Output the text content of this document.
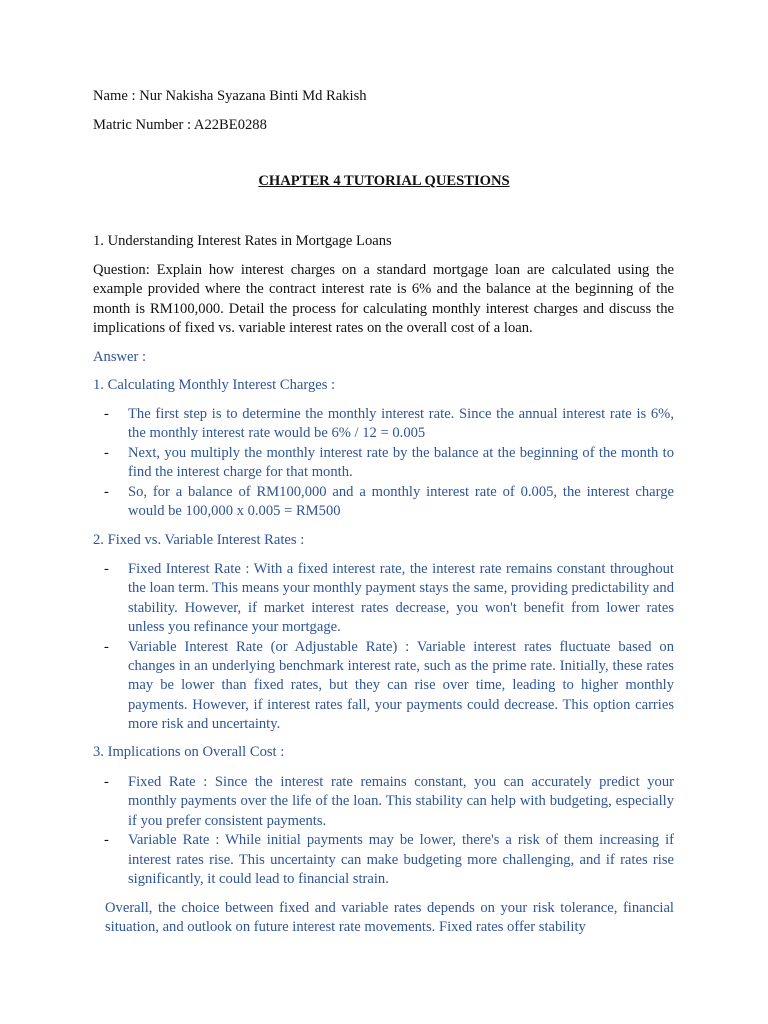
Name : Nur Nakisha Syazana Binti Md Rakish
Matric Number : A22BE0288
CHAPTER 4 TUTORIAL QUESTIONS
1. Understanding Interest Rates in Mortgage Loans
Question: Explain how interest charges on a standard mortgage loan are calculated using the example provided where the contract interest rate is 6% and the balance at the beginning of the month is RM100,000. Detail the process for calculating monthly interest charges and discuss the implications of fixed vs. variable interest rates on the overall cost of a loan.
Answer :
1. Calculating Monthly Interest Charges :
- The first step is to determine the monthly interest rate. Since the annual interest rate is 6%, the monthly interest rate would be 6% / 12 = 0.005
- Next, you multiply the monthly interest rate by the balance at the beginning of the month to find the interest charge for that month.
- So, for a balance of RM100,000 and a monthly interest rate of 0.005, the interest charge would be 100,000 x 0.005 = RM500
2. Fixed vs. Variable Interest Rates :
- Fixed Interest Rate : With a fixed interest rate, the interest rate remains constant throughout the loan term. This means your monthly payment stays the same, providing predictability and stability. However, if market interest rates decrease, you won't benefit from lower rates unless you refinance your mortgage.
- Variable Interest Rate (or Adjustable Rate) : Variable interest rates fluctuate based on changes in an underlying benchmark interest rate, such as the prime rate. Initially, these rates may be lower than fixed rates, but they can rise over time, leading to higher monthly payments. However, if interest rates fall, your payments could decrease. This option carries more risk and uncertainty.
3. Implications on Overall Cost :
- Fixed Rate : Since the interest rate remains constant, you can accurately predict your monthly payments over the life of the loan. This stability can help with budgeting, especially if you prefer consistent payments.
- Variable Rate : While initial payments may be lower, there's a risk of them increasing if interest rates rise. This uncertainty can make budgeting more challenging, and if rates rise significantly, it could lead to financial strain.
Overall, the choice between fixed and variable rates depends on your risk tolerance, financial situation, and outlook on future interest rate movements. Fixed rates offer stability
